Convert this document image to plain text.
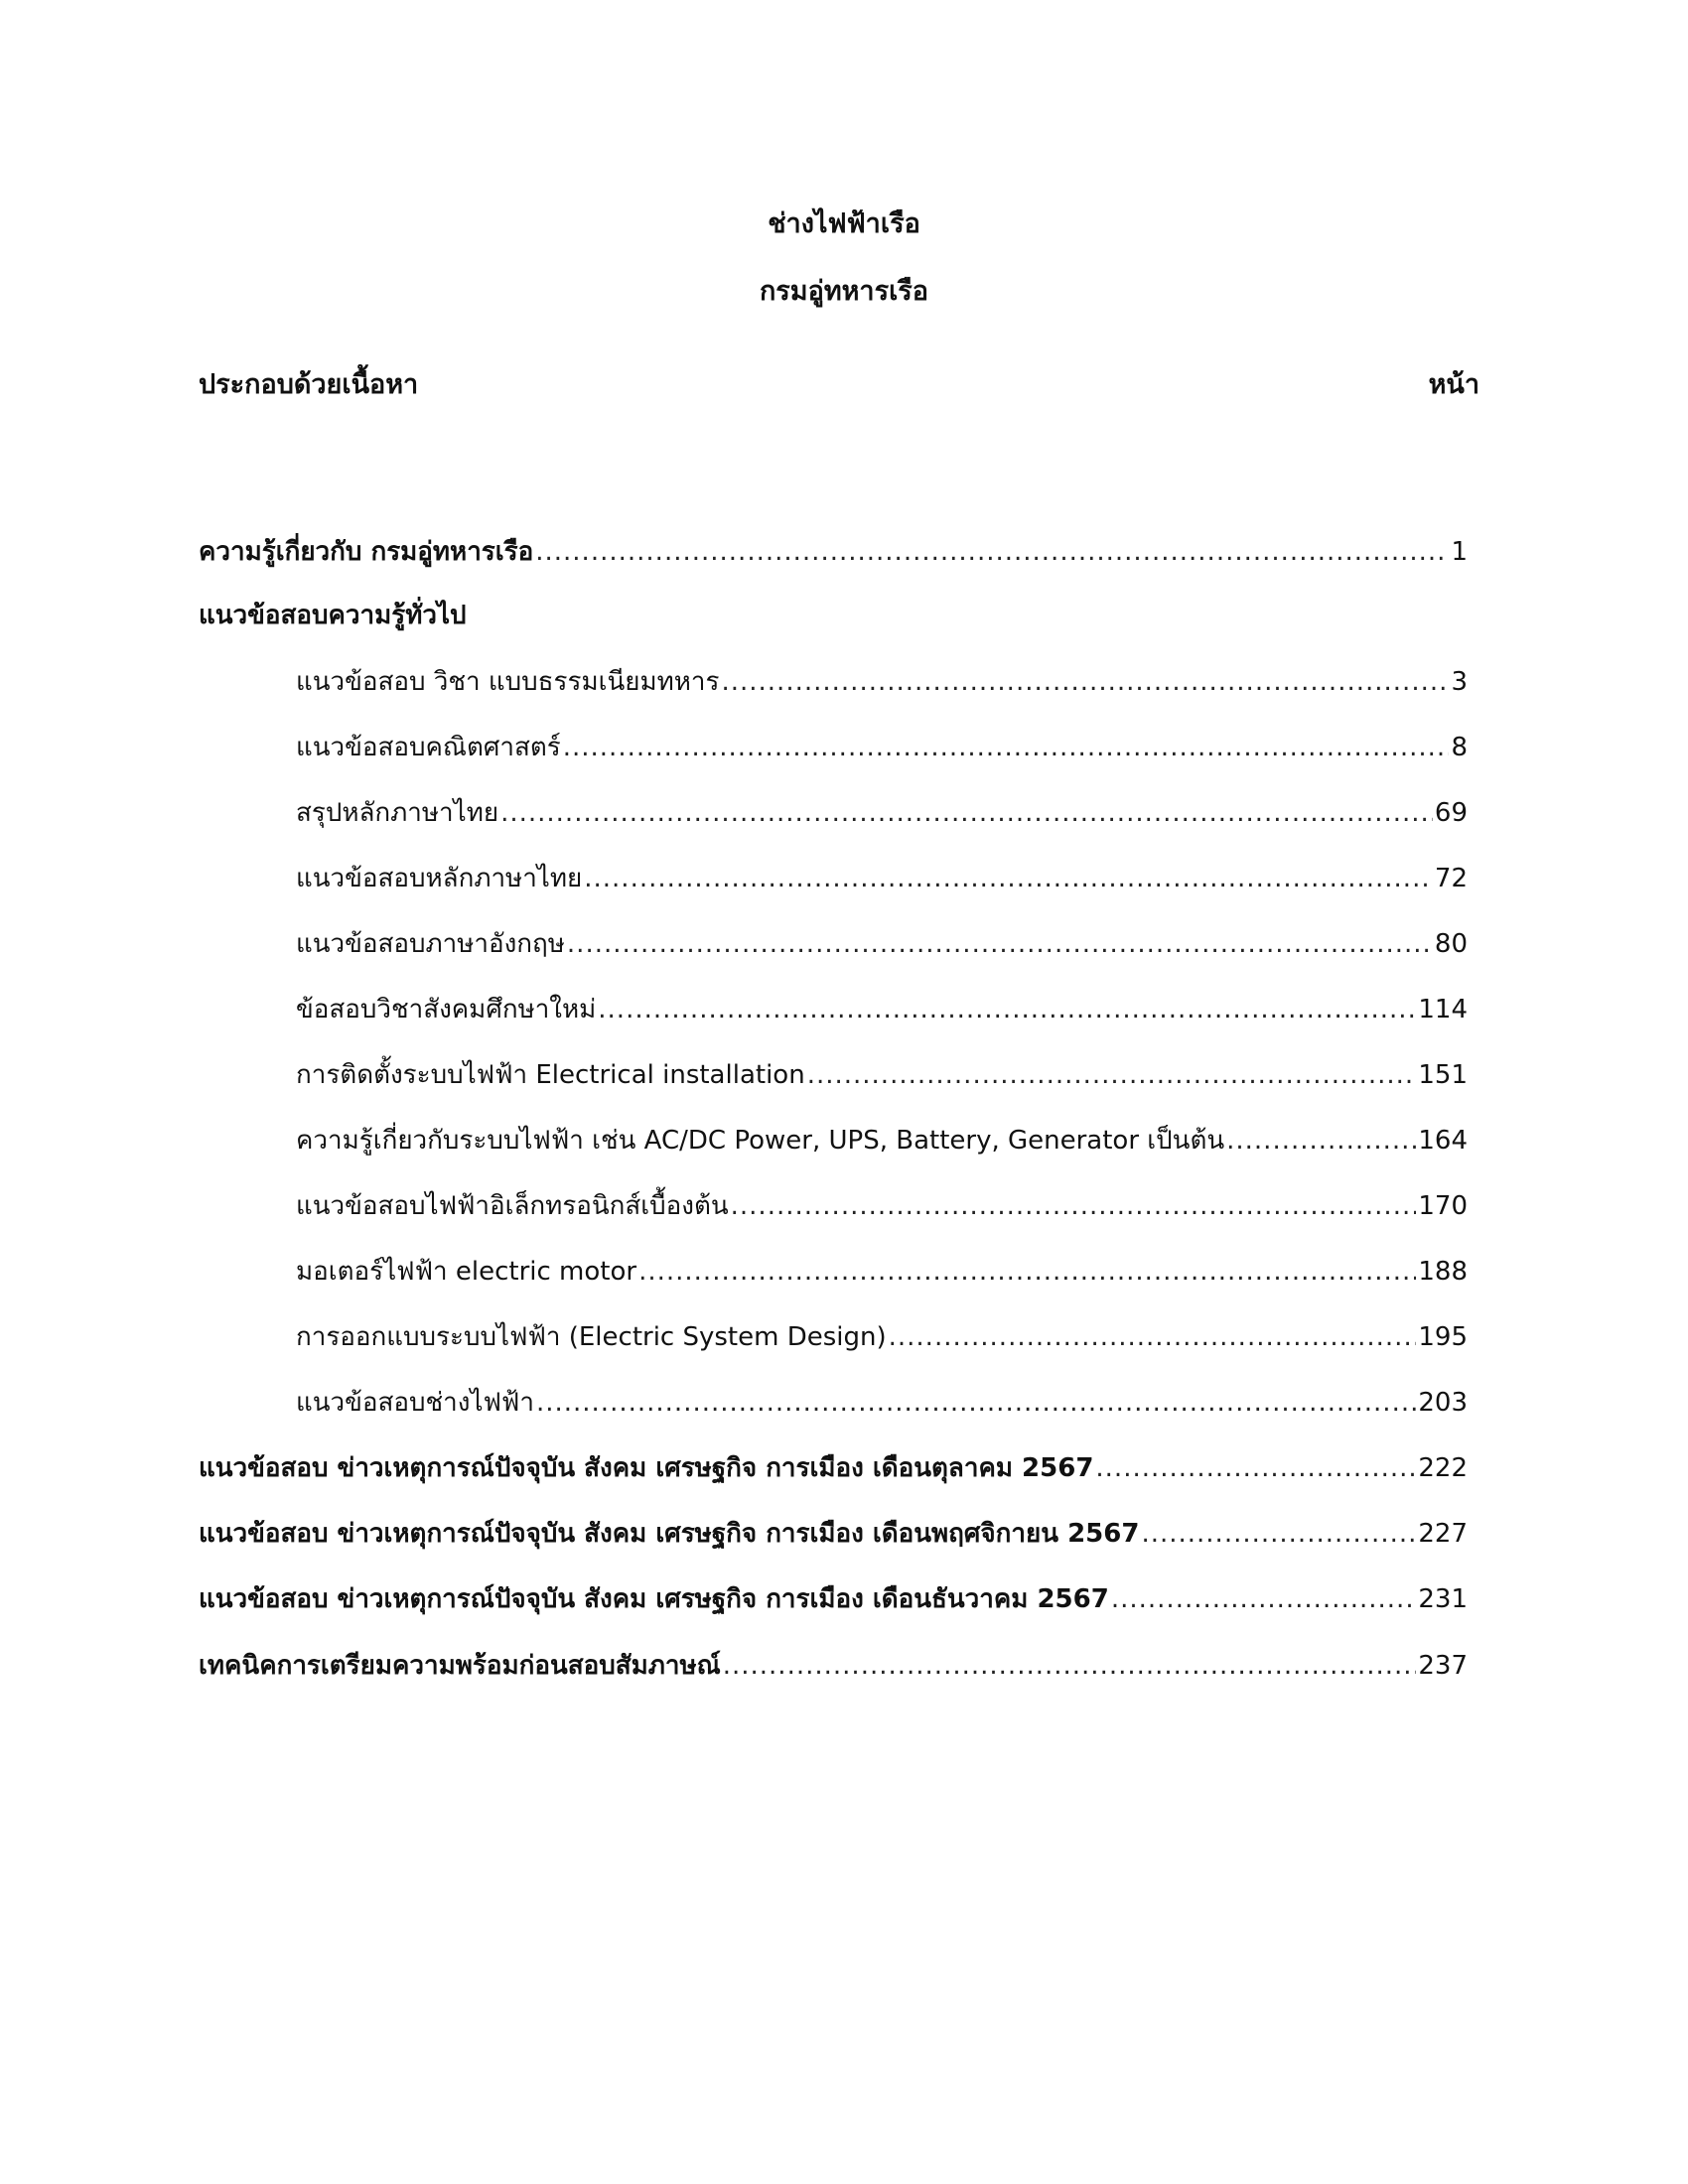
ช่างไฟฟ้าเรือ
กรมอู่ทหารเรือ
ประกอบด้วยเนื้อหา	หน้า
ความรู้เกี่ยวกับ กรมอู่ทหารเรือ .....	1
แนวข้อสอบความรู้ทั่วไป
แนวข้อสอบ วิชา แบบธรรมเนียมทหาร .....	3
แนวข้อสอบคณิตศาสตร์ .....	8
สรุปหลักภาษาไทย .....	69
แนวข้อสอบหลักภาษาไทย .....	72
แนวข้อสอบภาษาอังกฤษ .....	80
ข้อสอบวิชาสังคมศึกษาใหม่ .....	114
การติดตั้งระบบไฟฟ้า Electrical installation .....	151
ความรู้เกี่ยวกับระบบไฟฟ้า เช่น AC/DC Power, UPS, Battery, Generator เป็นต้น .....	164
แนวข้อสอบไฟฟ้าอิเล็กทรอนิกส์เบื้องต้น .....	170
มอเตอร์ไฟฟ้า electric motor .....	188
การออกแบบระบบไฟฟ้า (Electric System Design) .....	195
แนวข้อสอบช่างไฟฟ้า .....	203
แนวข้อสอบ ข่าวเหตุการณ์ปัจจุบัน สังคม เศรษฐกิจ การเมือง เดือนตุลาคม 2567 .....	222
แนวข้อสอบ ข่าวเหตุการณ์ปัจจุบัน สังคม เศรษฐกิจ การเมือง เดือนพฤศจิกายน 2567 .....	227
แนวข้อสอบ ข่าวเหตุการณ์ปัจจุบัน สังคม เศรษฐกิจ การเมือง เดือนธันวาคม 2567 .....	231
เทคนิคการเตรียมความพร้อมก่อนสอบสัมภาษณ์ .....	237
